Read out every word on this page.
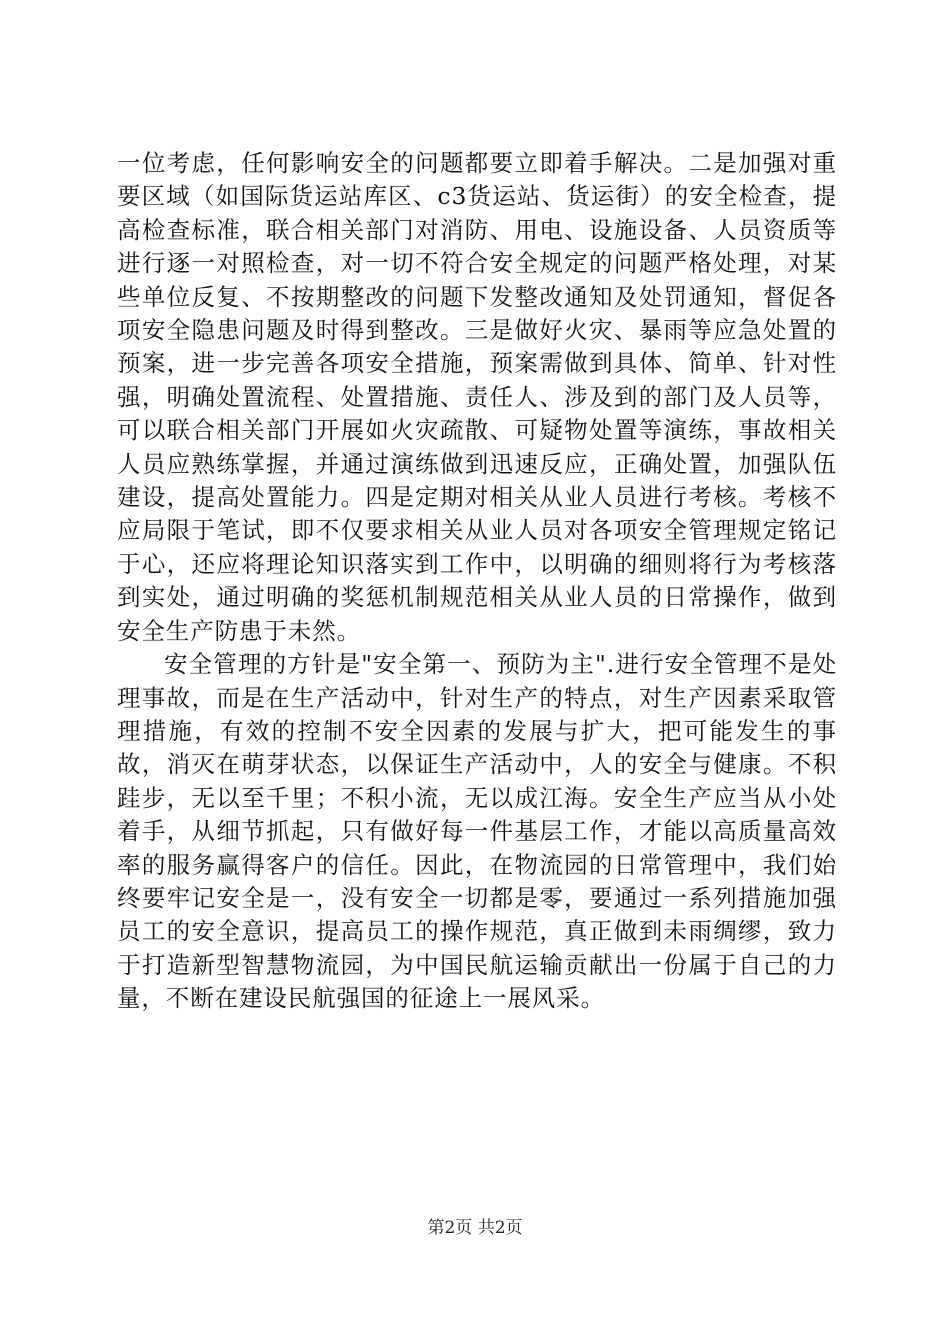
一位考虑，任何影响安全的问题都要立即着手解决。二是加强对重要区域（如国际货运站库区、c3货运站、货运街）的安全检查，提高检查标准，联合相关部门对消防、用电、设施设备、人员资质等进行逐一对照检查，对一切不符合安全规定的问题严格处理，对某些单位反复、不按期整改的问题下发整改通知及处罚通知，督促各项安全隐患问题及时得到整改。三是做好火灾、暴雨等应急处置的预案，进一步完善各项安全措施，预案需做到具体、简单、针对性强，明确处置流程、处置措施、责任人、涉及到的部门及人员等，可以联合相关部门开展如火灾疏散、可疑物处置等演练，事故相关人员应熟练掌握，并通过演练做到迅速反应，正确处置，加强队伍建设，提高处置能力。四是定期对相关从业人员进行考核。考核不应局限于笔试，即不仅要求相关从业人员对各项安全管理规定铭记于心，还应将理论知识落实到工作中，以明确的细则将行为考核落到实处，通过明确的奖惩机制规范相关从业人员的日常操作，做到安全生产防患于未然。

安全管理的方针是"安全第一、预防为主".进行安全管理不是处理事故，而是在生产活动中，针对生产的特点，对生产因素采取管理措施，有效的控制不安全因素的发展与扩大，把可能发生的事故，消灭在萌芽状态，以保证生产活动中，人的安全与健康。不积跬步，无以至千里；不积小流，无以成江海。安全生产应当从小处着手，从细节抓起，只有做好每一件基层工作，才能以高质量高效率的服务赢得客户的信任。因此，在物流园的日常管理中，我们始终要牢记安全是一，没有安全一切都是零，要通过一系列措施加强员工的安全意识，提高员工的操作规范，真正做到未雨绸缪，致力于打造新型智慧物流园，为中国民航运输贡献出一份属于自己的力量，不断在建设民航强国的征途上一展风采。

第2页 共2页
